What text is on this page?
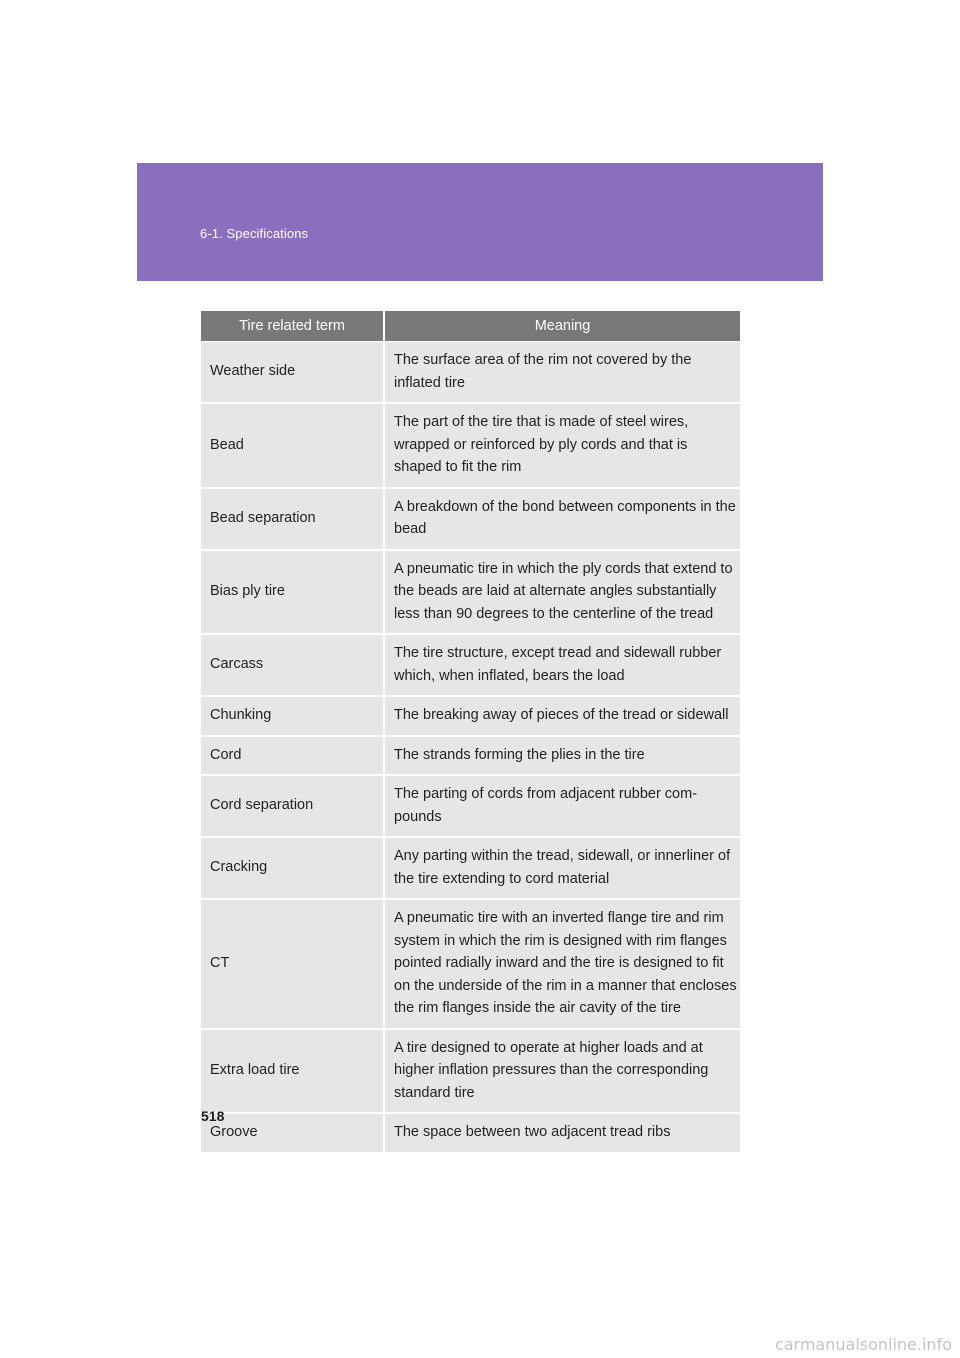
6-1. Specifications
Tire related term	Meaning
Weather side	The surface area of the rim not covered by the inflated tire
Bead	The part of the tire that is made of steel wires, wrapped or reinforced by ply cords and that is shaped to fit the rim
Bead separation	A breakdown of the bond between components in the bead
Bias ply tire	A pneumatic tire in which the ply cords that extend to the beads are laid at alternate angles substantially less than 90 degrees to the centerline of the tread
Carcass	The tire structure, except tread and sidewall rubber which, when inflated, bears the load
Chunking	The breaking away of pieces of the tread or sidewall
Cord	The strands forming the plies in the tire
Cord separation	The parting of cords from adjacent rubber com-pounds
Cracking	Any parting within the tread, sidewall, or innerliner of the tire extending to cord material
CT	A pneumatic tire with an inverted flange tire and rim system in which the rim is designed with rim flanges pointed radially inward and the tire is designed to fit on the underside of the rim in a manner that encloses the rim flanges inside the air cavity of the tire
Extra load tire	A tire designed to operate at higher loads and at higher inflation pressures than the corresponding standard tire
Groove	The space between two adjacent tread ribs
518
carmanualsonline.info
